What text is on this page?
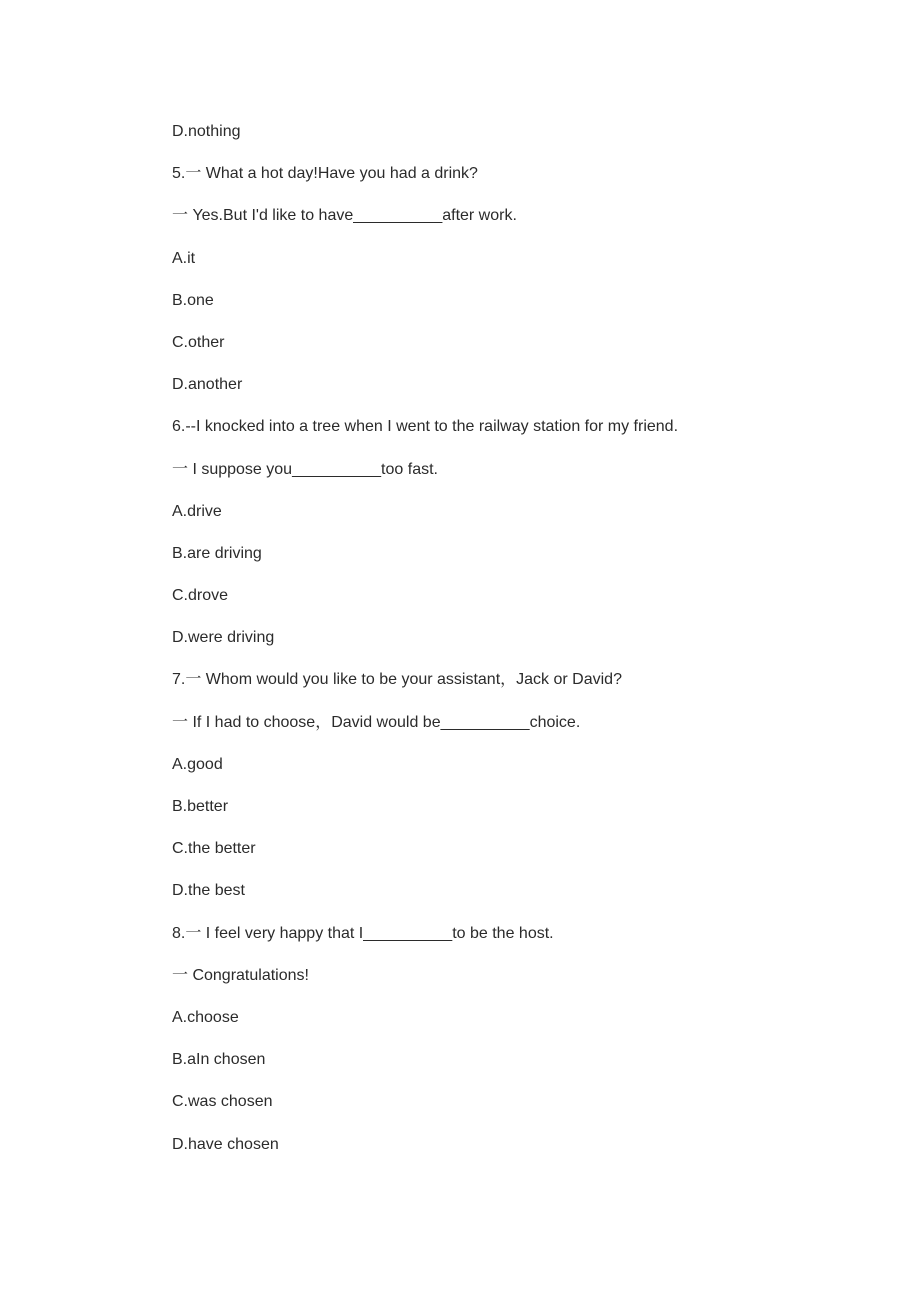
D.nothing
5.一 What a hot day!Have you had a drink?
一 Yes.But I'd like to have__________after work.
A.it
B.one
C.other
D.another
6.--I knocked into a tree when I went to the railway station for my friend.
一 I suppose you__________too fast.
A.drive
B.are driving
C.drove
D.were driving
7.一 Whom would you like to be your assistant，Jack or David?
一 If I had to choose，David would be__________choice.
A.good
B.better
C.the better
D.the best
8.一 I feel very happy that I__________to be the host.
一 Congratulations!
A.choose
B.aIn chosen
C.was chosen
D.have chosen
